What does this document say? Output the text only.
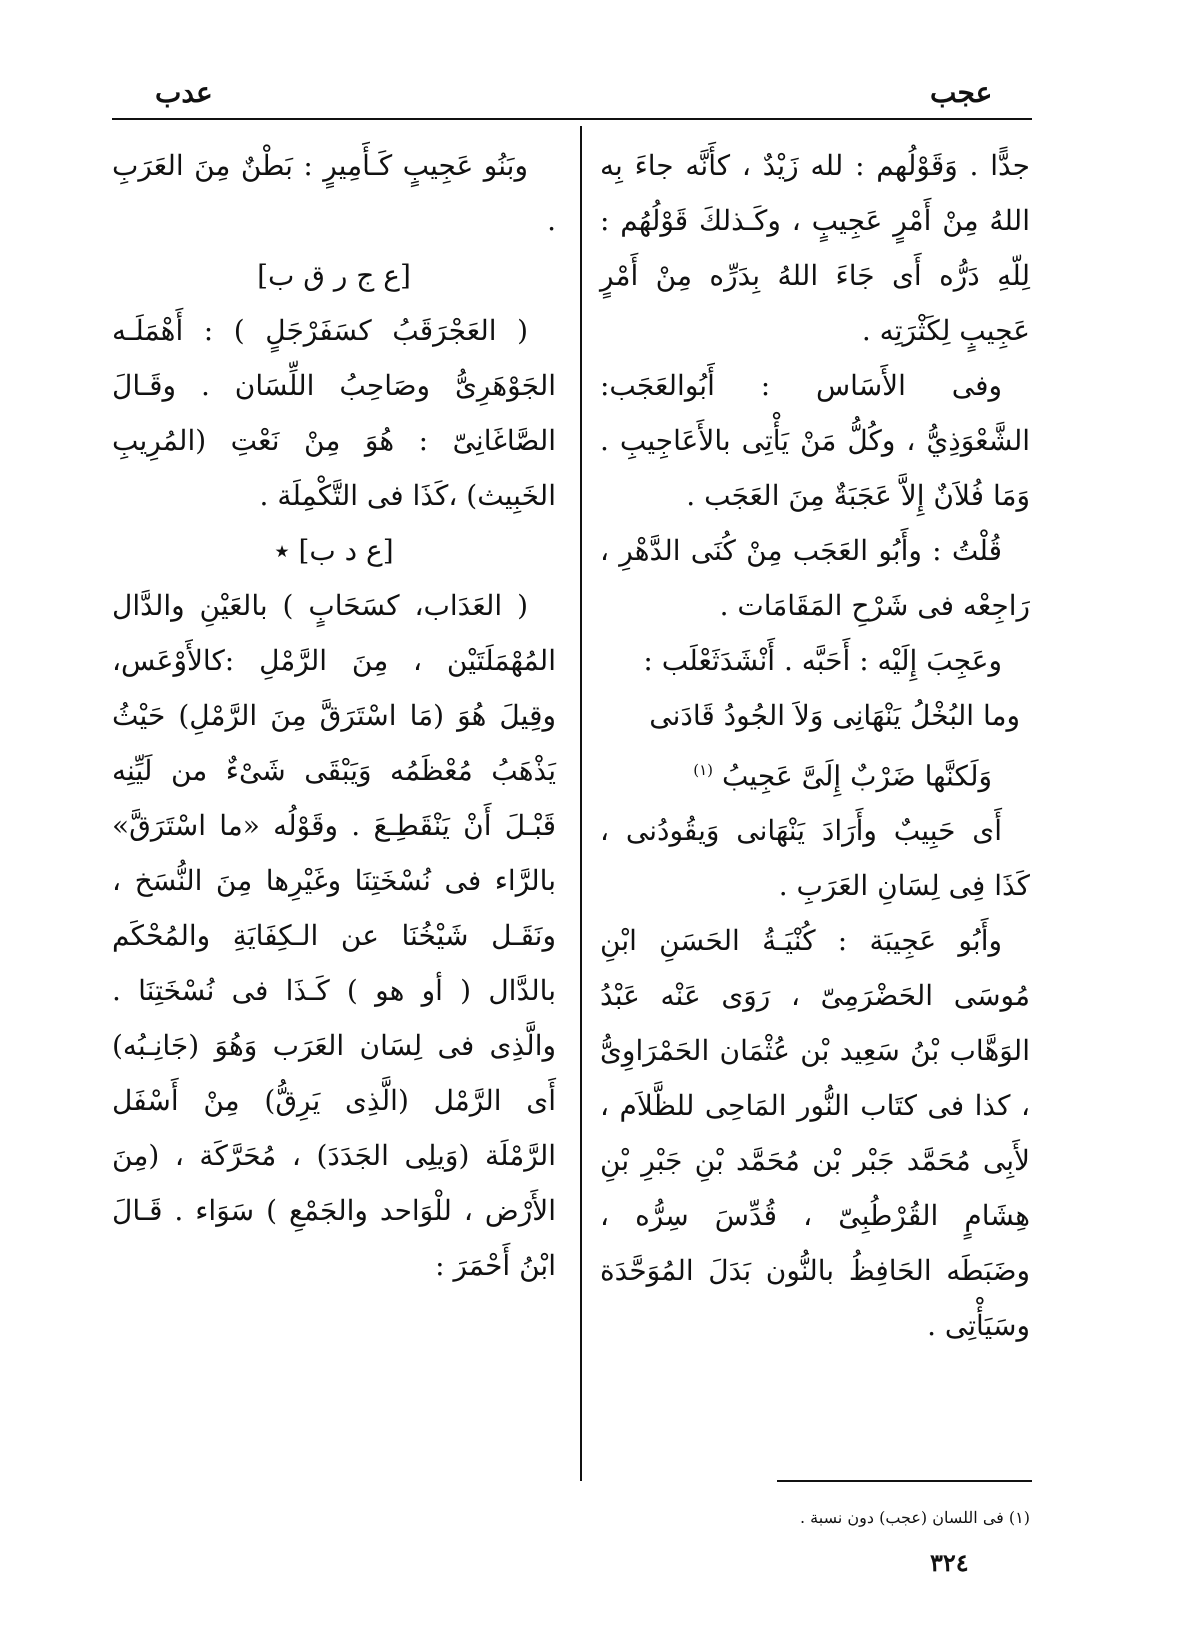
عجب
عدب

جدًّا . وَقَوْلُهم : لله زَيْدٌ ، كأَنَّه جاءَ بِه اللهُ مِنْ أَمْرٍ عَجِيبٍ ، وكَـذلكَ قَوْلُهُم : لِلّهِ دَرُّه أَى جَاءَ اللهُ بِدَرِّه مِنْ أَمْرٍ عَجِيبٍ لِكَثْرَتِه .

وفى الأَسَاس : أَبُوالعَجَب: الشَّعْوَذِيُّ ، وكُلُّ مَنْ يَأْتِى بالأَعَاجِيبِ . وَمَا فُلاَنٌ إِلاَّ عَجَبَةٌ مِنَ العَجَب .

قُلْتُ : وأَبُو العَجَب مِنْ كُنَى الدَّهْرِ ، رَاجِعْه فى شَرْحِ المَقَامَات .

وعَجِبَ إِلَيْه : أَحَبَّه . أَنْشَدَثَعْلَب :

وما البُخْلُ يَنْهَانِى وَلاَ الجُودُ قَادَنى

وَلَكنَّها ضَرْبٌ إِلَىَّ عَجِيبُ $^{(١)}$

أَى حَبِيبٌ وأَرَادَ يَنْهَانى وَيقُودُنى ، كَذَا فِى لِسَانِ العَرَبِ .

وأَبُو عَجِيبَة : كُنْيَـةُ الحَسَنِ ابْنِ مُوسَى الحَضْرَمِىّ ، رَوَى عَنْه عَبْدُ الوَهَّاب بْنُ سَعِيد بْن عُثْمَان الحَمْرَاوِىُّ ، كذا فى كتَاب النُّور المَاحِى للظَّلاَم ، لأَبِى مُحَمَّد جَبْر بْن مُحَمَّد بْنِ جَبْرِ بْنِ هِشَامٍ القُرْطُبِىّ ، قُدِّسَ سِرُّه ، وضَبَطَه الحَافِظُ بالنُّون بَدَلَ المُوَحَّدَة وسَيَأْتِى .

وبَنُو عَجِيبٍ كَـأَمِيرٍ : بَطْنٌ مِنَ العَرَبِ .

[ع ج ر ق ب]

( العَجْرَقَبُ كسَفَرْجَلٍ ) : أَهْمَلَـه الجَوْهَرِىُّ وصَاحِبُ اللِّسَان . وقَـالَ الصَّاغَانِىّ : هُوَ مِنْ نَعْتِ (المُرِيبِ الخَبِيث) ،كَذَا فى التَّكْمِلَة .

[ع د ب] ٭

( العَدَاب، كسَحَابٍ ) بالعَيْنِ والدَّال المُهْمَلَتَيْن ، مِنَ الرَّمْلِ :كالأَوْعَس، وقِيلَ هُوَ (مَا اسْتَرَقَّ مِنَ الرَّمْلِ) حَيْثُ يَذْهَبُ مُعْظَمُه وَيَبْقَى شَىْءٌ من لَيِّنِه قَبْـلَ أَنْ يَنْقَطِـعَ . وقَوْلُه «ما اسْتَرَقَّ» بالرَّاء فى نُسْخَتِنَا وغَيْرِها مِنَ النُّسَخ ، ونَقَـل شَيْخُنَا عن الـكِفَايَةِ والمُحْكَم بالدَّال ( أو هو ) كَـذَا فى نُسْخَتِنَا . والَّذِى فى لِسَان العَرَب وَهُوَ (جَانِـبُه) أَى الرَّمْل (الَّذِى يَرِقُّ) مِنْ أَسْفَل الرَّمْلَة (وَيلِى الجَدَدَ) ، مُحَرَّكَة ، (مِنَ الأَرْض ، للْوَاحد والجَمْعِ ) سَوَاء . قَـالَ ابْنُ أَحْمَرَ :

(١) فى اللسان (عجب) دون نسبة .
٣٢٤
